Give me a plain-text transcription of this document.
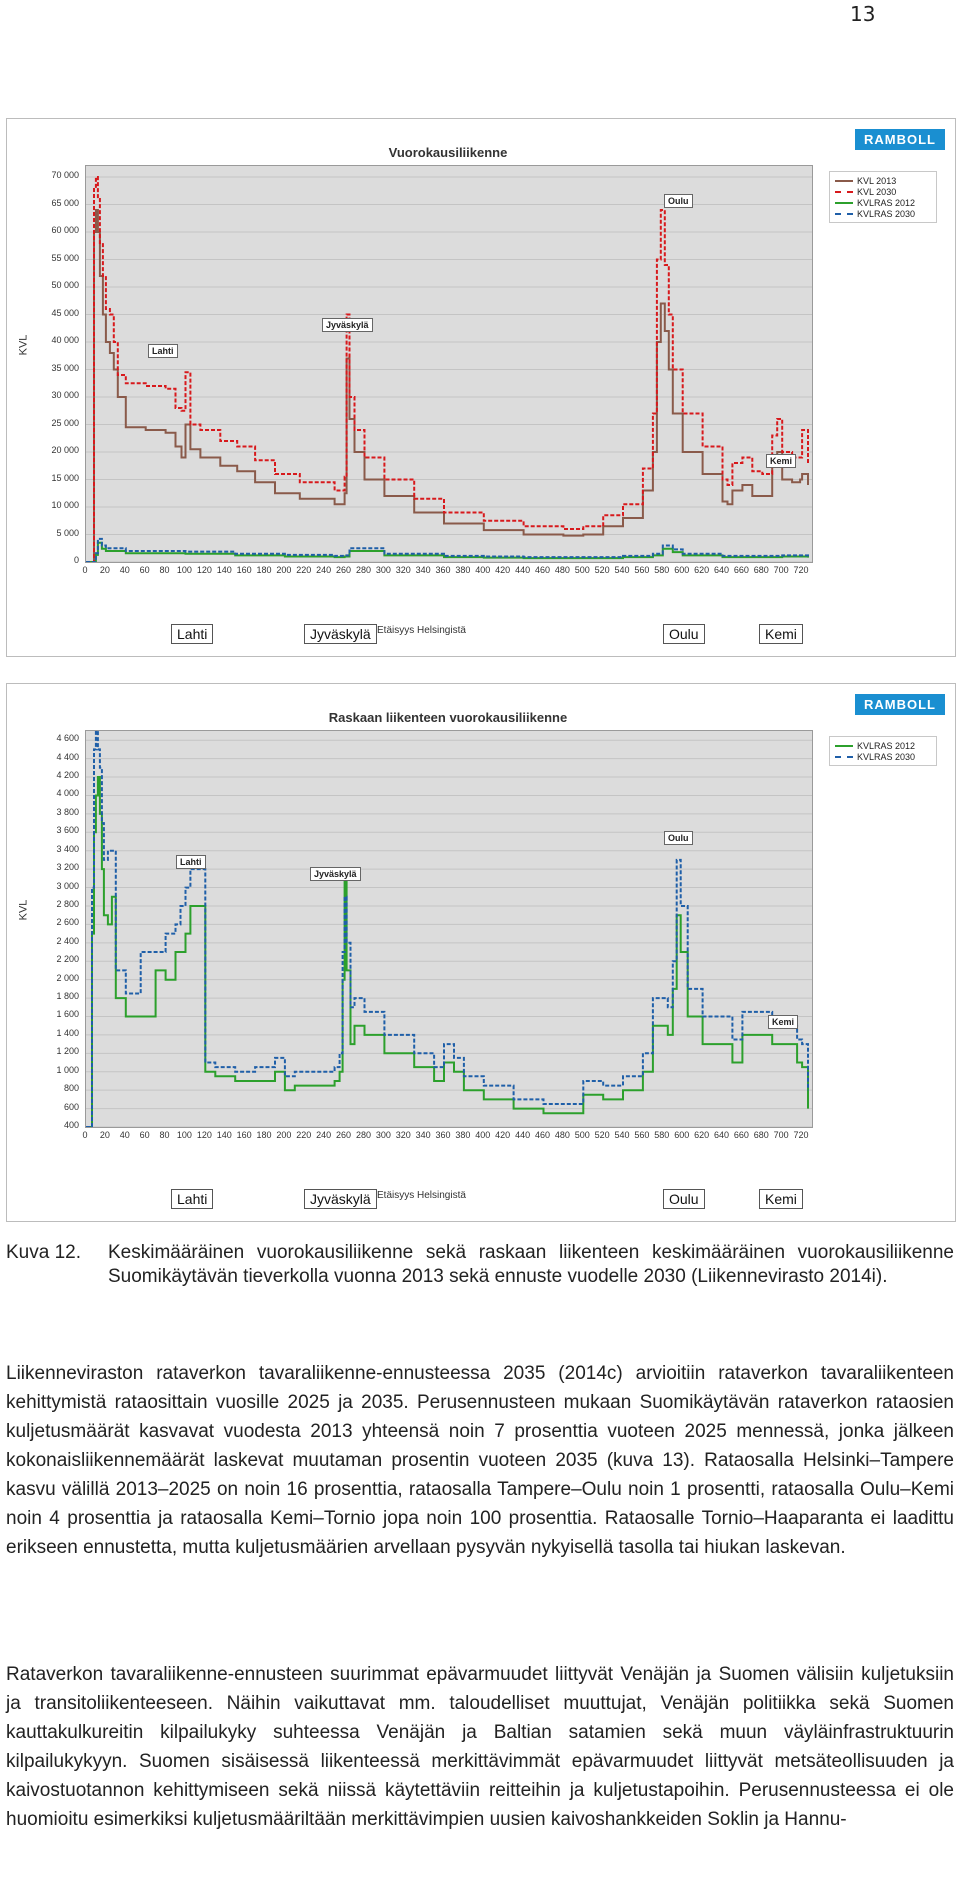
13
Vuorokausiliikenne
RAMBOLL
KVL	Lahti
Jyväskylä
Oulu
Kemi
KVL 2013
KVL 2030
KVLRAS 2012
KVLRAS 2030
70 000
65 000
60 000
55 000
50 000
45 000
40 000
35 000
30 000
25 000
20 000
15 000
10 000
5 000
0
0 20 40 60 80 100 120 140 160 180 200 220 240 260 280 300 320 340 360 380 400 420 440 460 480 500 520 540 560 580 600 620 640 660 680 700 720
Etäisyys Helsingistä
Lahti	Jyväskylä	Oulu	Kemi
Raskaan liikenteen vuorokausiliikenne
RAMBOLL
KVL
Lahti
Jyväskylä
Oulu
Kemi
KVLRAS 2012
KVLRAS 2030
4 600
4 400
4 200
4 000
3 800
3 600
3 400
3 200
3 000
2 800
2 600
2 400
2 200
2 000
1 800
1 600
1 400
1 200
1 000
800
600
400
0 20 40 60 80 100 120 140 160 180 200 220 240 260 280 300 320 340 360 380 400 420 440 460 480 500 520 540 560 580 600 620 640 660 680 700 720
Etäisyys Helsingistä
Lahti	Jyväskylä	Oulu	Kemi
Kuva 12. Keskimääräinen vuorokausiliikenne sekä raskaan liikenteen keskimääräinen vuorokausiliikenne Suomikäytävän tieverkolla vuonna 2013 sekä ennuste vuodelle 2030 (Liikennevirasto 2014i).
Liikenneviraston rataverkon tavaraliikenne-ennusteessa 2035 (2014c) arvioitiin rataverkon tavaraliikenteen kehittymistä rataosittain vuosille 2025 ja 2035. Perusennusteen mukaan Suomikäytävän rataverkon rataosien kuljetusmäärät kasvavat vuodesta 2013 yhteensä noin 7 prosenttia vuoteen 2025 mennessä, jonka jälkeen kokonaisliikennemäärät laskevat muutaman prosentin vuoteen 2035 (kuva 13). Rataosalla Helsinki–Tampere kasvu välillä 2013–2025 on noin 16 prosenttia, rataosalla Tampere–Oulu noin 1 prosentti, rataosalla Oulu–Kemi noin 4 prosenttia ja rataosalla Kemi–Tornio jopa noin 100 prosenttia. Rataosalle Tornio–Haaparanta ei laadittu erikseen ennustetta, mutta kuljetusmäärien arvellaan pysyvän nykyisellä tasolla tai hiukan laskevan.
Rataverkon tavaraliikenne-ennusteen suurimmat epävarmuudet liittyvät Venäjän ja Suomen välisiin kuljetuksiin ja transitoliikenteeseen. Näihin vaikuttavat mm. taloudelliset muuttujat, Venäjän politiikka sekä Suomen kauttakulkureitin kilpailukyky suhteessa Venäjän ja Baltian satamien sekä muun väyläinfrastruktuurin kilpailukykyyn. Suomen sisäisessä liikenteessä merkittävimmät epävarmuudet liittyvät metsäteollisuuden ja kaivostuotannon kehittymiseen sekä niissä käytettäviin reitteihin ja kuljetustapoihin. Perusennusteessa ei ole huomioitu esimerkiksi kuljetusmääriltään merkittävimpien uusien kaivoshankkeiden Soklin ja Hannu-
